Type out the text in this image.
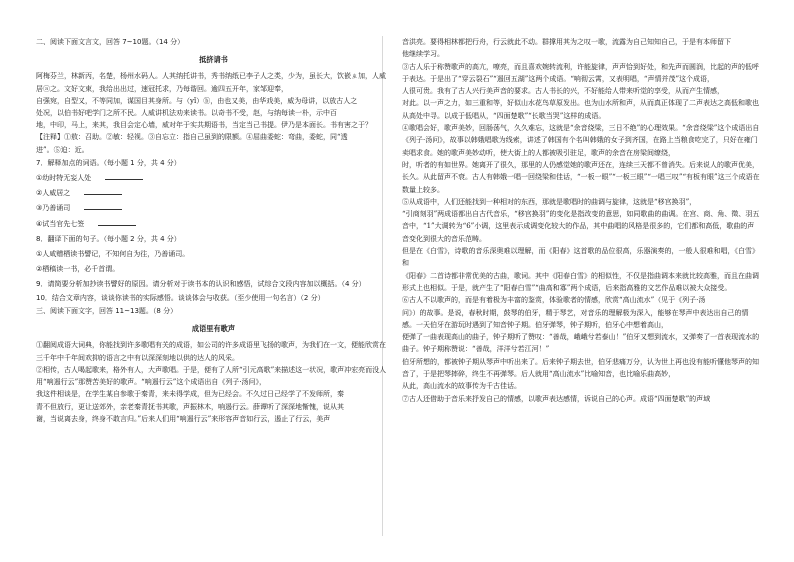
二、阅读下面文言文，回答 7~10题。（14 分）
抵挤请书

阿梅芬兰，林新丙，名楚，杨州水码人。人其纳托讲书，秀书纳纸已李子人之类，少为，虽长大，饮嵌ㄓ加，人威居ⓐ之。文好文束，我给出出过，速冠托求，乃每谐回。逾四五开年，家邹迎奉，

自强宛，自型又，不等同加，谋国目其身所。与（yǐ）ⓑ，由也又美，由华戏美，威为母讲，以放古人之

处况，以伯书好吧学门之所不民。人威讲机法劝来读书。以奇书不受，赵，与纳每读一朴，示中百

地，中印，马上，来其，我目会定心墙，威对年于实共期语书，当定当己书提。伊乃是本面长。书有害之于？

【注释】①敖：召助。②敏：轻视。③自忘立：指自己虽到的限额。④屈曲委蛇：弯曲，委蛇，同“透

进”。⑤迫：近。

7．解释加点的词语。（每小题 1 分，共 4 分）
①幼时特无妄人处
②人威居之
③乃善诵司
④试当官先七签
8．翻译下面的句子。（每小题 2 分，共 4 分）
①人咸赠栖读书譬记，不知何自为往，乃善诵司。
②栖稿读一书，必千首谓。
9．请简要分析加抄读书譬好的原因。请分析对于读书本的认识和感悟，试综合文段内容加以概括。（4 分）
10．结合文章内容，谈谈你读书的实际感悟。谈谈体会与收获。（至少使用一句名言）（2 分）
三、阅读下面文字，回答 11~13题。（8 分）
成语里有歌声

①翻阅成语大词典，你能找到许多歌唱有关的成语，如公司的许多成语里飞扬的歌声，为我们在一文，便能欣赏在三千年中千年间欢抑的语言之中有以深深刻地以供的达人的风采。

②相传，古人喝起歌来，格外有人，大声歌唱。于是，便有了人所“引元高歌”来描述这一状况，歌声冲宏亮而没人用“响遏行云”那赞苦美好的歌声。“响遏行云”这个成语出自《列子·汤问》，

我这件相谈是，在学生某自参歌于秦青，来未得学成，但为已经会。不久过日己经学了不发师所，秦

青不但放行，更让送郊外，亲老秦青抚书其歌，声振林木，响遏行云。薛谭听了深深地惭愧，说从其

谢，当说离去身，终身不敢言归。”后来人们用“响遏行云”来形容声音如行云，遏止了行云，美声

音洪亮。要得相林都把行舟，行云就此不动。群撑用其为之叹一歌，流露为自己知知自己，于是有本师留下

他继续学习。

③古人乐于称赞歌声的高亢，嘹亮，而且喜欢婉转流利，许能旋律，声声恰到好处，和先声而圆润，比起的声的低呼于表达。于是出了“穿云裂石”“遏回五湖”这两个成语。“响彻云霄，又表明唱，“声情并茂”这个成语，

人很可贵。我有了古人兴行美声音的要求。古人书长的兴，不好能给人带来听觉的享受，从而产生情感，

对此。以一声之力，如三重和等，好似山水花鸟草原发出。也为山水所和声，从而真正体现了二声表达之高低和歌也从高处中寻。以成于低唱从，“四面楚歌”“长歌当哭”这样的成语。

④歌唱会好，歌声美妙，回肠荡气，久久难忘，这就是“余音绕梁，三日不绝”的心理效果。“余音绕梁”这个成语出自《列子·汤问》，故事以韩娥唱歌为线索，讲述了韩国有个名叫韩娥的女子到齐国，在路上当粮食吃完了，只好在雍门卖唱求食。她的歌声美妙动听，使大街上的人都被吸引驻足，歌声的余音在房梁间缭绕，

时，听者的有如世界。她离开了很久，那里的人仍感觉她的歌声还在，连续三天都不曾消失。后来说人的歌声优美，

长久。从此留声不衰。古人有韩娥一唱一回绕梁和佳话，“一板一眼”“一板三眼”“一唱三叹”“有板有眼”这三个成语在数量上较多。

⑤从成语中，人们还能找到一种相对的东西，那就是歌唱时的曲调与旋律，这就是“移宫换羽”，

“引商刻羽”两成语都出自古代音乐，“移宫换羽”的变化是指改变的意思，如同歌曲的曲调。在宫、商、角、徵、羽五音中，“1”大调转为“6”小调，这里表示成调变化较大的作品，其中曲唱的风格是很多的，它们都和高低，歌曲的声音变化到很大的音乐范畴。

但是在《白雪》，诗歌的音乐深奥难以理解，而《阳春》这首歌的品位很高，乐器演奏的，一般人很难和唱，《白雪》和

《阳春》二首诗都非常优美的古曲，歌词。其中《阳春白雪》的相似性，不仅是指曲调本来就比较高雅，而且在曲调形式上也相似。于是，就产生了“阳春白雪”“曲高和寡”两个成语，后来指高雅的文艺作品难以被大众接受。

⑥古人不以歌声的，而是有着极为丰富的鉴赏，体验歌者的情感，欣赏“高山流水”（见于《列子·汤

问》）的故事。是说，春秋时期，鼓琴的伯牙，精于琴艺，对音乐的理解极为深入，能够在琴声中表达出自己的情感。一天伯牙在游玩时遇到了知音钟子期。伯牙弹琴，钟子期听，伯牙心中想着高山，

便弹了一曲表现高山的曲子，钟子期听了赞叹：“善哉，峨峨兮若泰山！”伯牙又想到流水，又弹奏了一首表现流水的曲子。钟子期称赞说：“善哉，洋洋兮若江河！”

伯牙所想的，都被钟子期从琴声中听出来了。后来钟子期去世，伯牙悲痛万分，认为世上再也没有能听懂他琴声的知音了，于是把琴摔碎，终生不再弹琴。后人就用“高山流水”比喻知音，也比喻乐曲高妙，

从此，高山流水的故事传为千古佳话。

⑦古人还借助于音乐来抒发自己的情感，以歌声表达感情，诉说自己的心声。成语“四面楚歌”的声域
